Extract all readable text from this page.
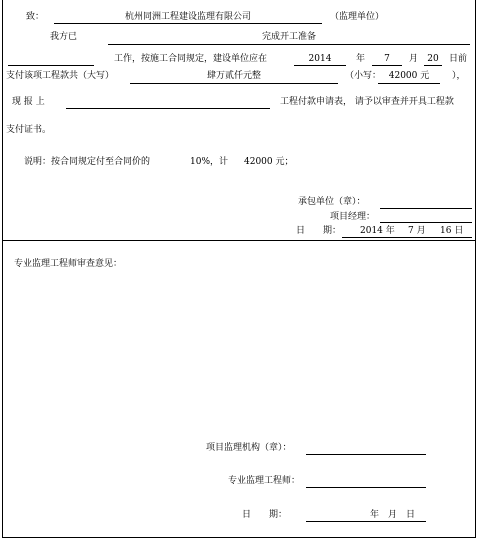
致：	杭州同洲工程建设监理有限公司	（监理单位）
我方已	完成开工准备
工作，按施工合同规定，建设单位应在	2014	年	7	月	20	日前
支付该项工程款共（大写）	肆万贰仟元整	（小写： 42000 元	），
现 报 上	工程付款申请表， 请予以审查并开具工程款
支付证书。
说明：按合同规定付至合同价的	10%，计 42000 元；
承包单位（章）：
项目经理：
日　　期： 2014 年 7 月 16 日
专业监理工程师审查意见：
项目监理机构（章）：
专业监理工程师：
日　　期：	年　月　日
